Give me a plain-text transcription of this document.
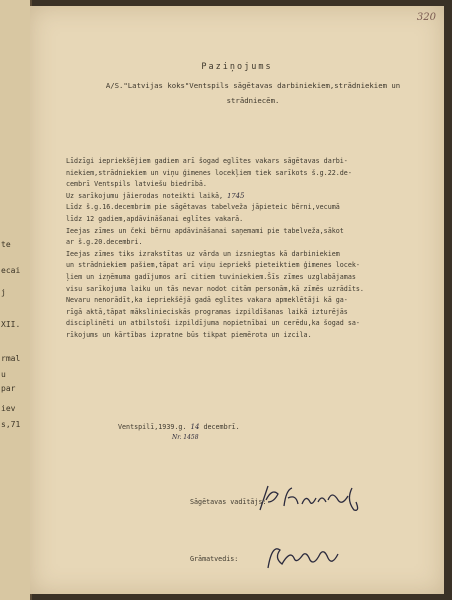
te
ecai
j
XII.
rmal
u
par
iev
s,71
320
Paziņojums
A/S."Latvijas koks"Ventspils sāgētavas darbiniekiem,strādniekiem un strādniecēm.
Līdzīgi iepriekšējiem gadiem arī šogad eglītes vakars sāgētavas darbi-
niekiem,strādniekiem un viņu ģimenes locekļiem tiek sarīkots š.g.22.de-
cembrī Ventspils latviešu biedrībā.
Uz sarīkojumu jāierodas noteikti laikā, 1745
Līdz š.g.16.decembrim pie sāgētavas tabelveža jāpieteic bērni,vecumā
līdz 12 gadiem,apdāvināšanai eglītes vakarā.
Ieejas zīmes un čeki bērnu apdāvināšanai saņemami pie tabelveža,sākot
ar š.g.20.decembri.
Ieejas zīmes tiks izrakstītas uz vārda un izsniegtas kā darbiniekiem
un strādniekiem pašiem,tāpat arī viņu iepriekš pieteiktiem ģimenes locek-
ļiem un izņēmuma gadījumos arī citiem tuviniekiem.Šīs zīmes uzglabājamas
visu sarīkojuma laiku un tās nevar nodot citām personām,kā zīmēs uzrādīts.
Nevaru nenorādīt,ka iepriekšējā gadā eglītes vakara apmeklētāji kā ga-
rīgā aktā,tāpat mākslinieciskās programas izpildīšanas laikā izturējās
disciplinēti un atbilstoši izpildījuma nopietnībai un cerēdu,ka šogad sa-
rīkojums un kārtības izpratne būs tikpat piemērota un izcila.
Ventspilī,1939.g. 14 decembrī.
Nr. 1458
Sāgētavas vadītājs:
Grāmatvedis:
